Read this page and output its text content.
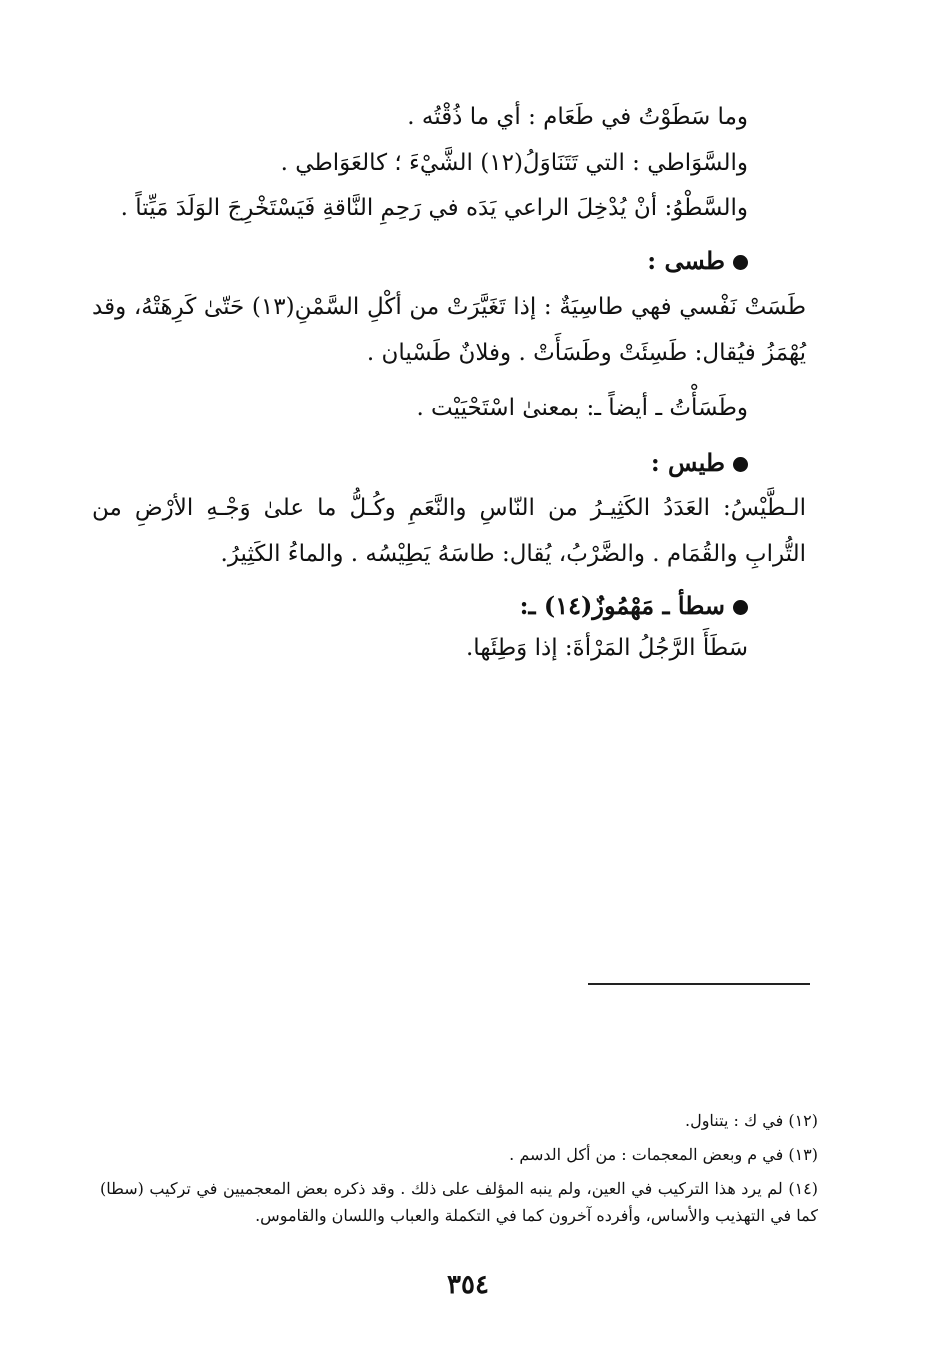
وما سَطَوْتُ في طَعَام : أي ما ذُقْتُه .
والسَّوَاطي : التي تَتَنَاوَلُ(١٢) الشَّيْءَ ؛ كالعَوَاطي .
والسَّطْوُ: أنْ يُدْخِلَ الراعي يَدَه في رَحِمِ النَّاقةِ فَيَسْتَخْرِجَ الوَلَدَ مَيِّتاً .
طسى :
طَسَتْ نَفْسي فهي طاسِيَةٌ : إذا تَغَيَّرَتْ من أكْلِ السَّمْنِ(١٣) حَتّىٰ كَرِهَتْهُ، وقد يُهْمَزُ فيُقال: طَسِئَتْ وطَسَأَتْ . وفلانٌ طَسْيان .
وطَسَأْتُ ـ أيضاً ـ: بمعنىٰ اسْتَحْيَيْت .
طيس :
الـطَّيْسُ: العَدَدُ الكَثِيـرُ من النّاسِ والنَّعَمِ وكُـلُّ ما علىٰ وَجْـهِ الأرْضِ من التُّرابِ والقُمَام . والضَّرْبُ، يُقال: طاسَهُ يَطِيْسُه . والماءُ الكَثِيرُ.
سطأ ـ مَهْمُوزٌ(١٤) ـ:
سَطَأَ الرَّجُلُ المَرْأةَ: إذا وَطِئَها.
(١٢) في ك : يتناول.
(١٣) في م وبعض المعجمات : من أكل الدسم .
(١٤) لم يرد هذا التركيب في العين، ولم ينبه المؤلف على ذلك . وقد ذكره بعض المعجميين في تركيب (سطا) كما في التهذيب والأساس، وأفرده آخرون كما في التكملة والعباب واللسان والقاموس.
٣٥٤
